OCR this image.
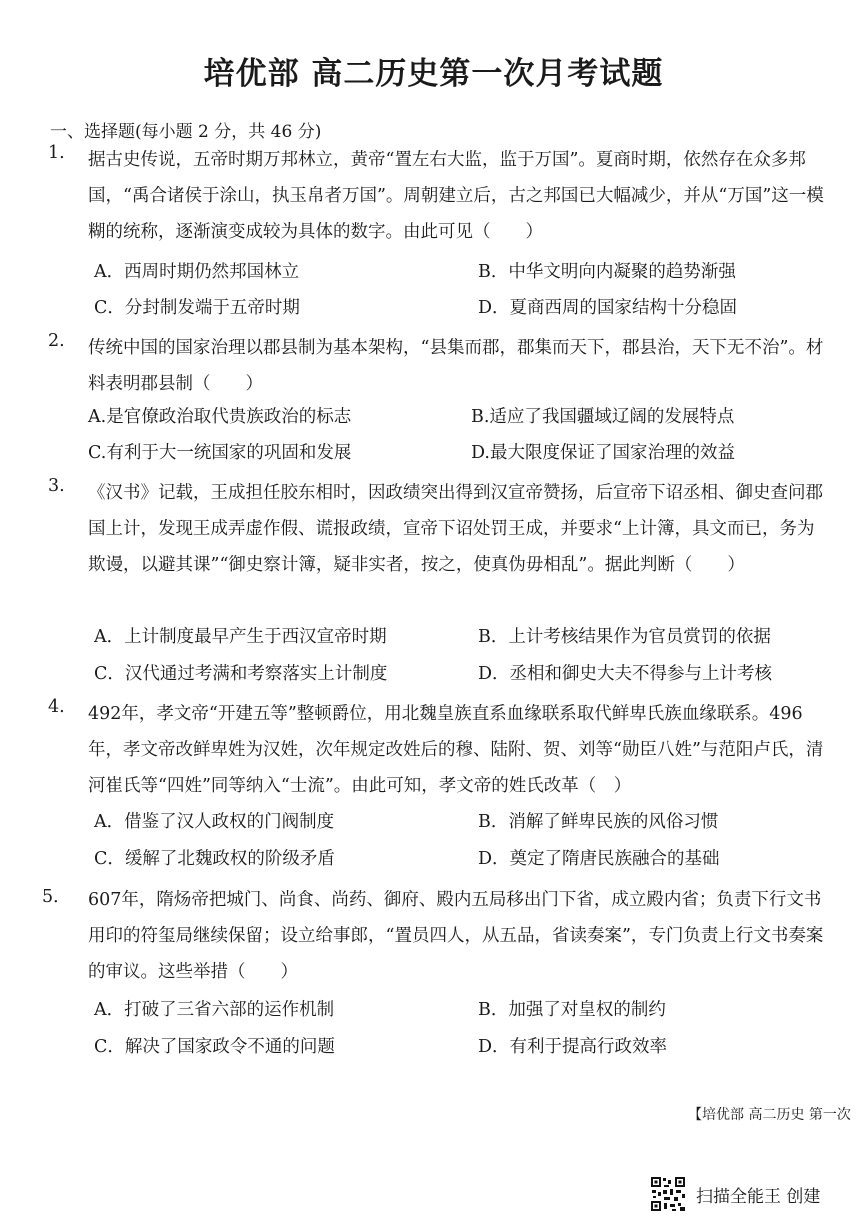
培优部 高二历史第一次月考试题
一、选择题(每小题 2 分，共 46 分)
1. 据古史传说，五帝时期万邦林立，黄帝“置左右大监，监于万国”。夏商时期，依然存在众多邦国，“禹合诸侯于涂山，执玉帛者万国”。周朝建立后，古之邦国已大幅减少，并从“万国”这一模糊的统称，逐渐演变成较为具体的数字。由此可见（　　）
A．西周时期仍然邦国林立	B．中华文明向内凝聚的趋势渐强
C．分封制发端于五帝时期	D．夏商西周的国家结构十分稳固
2. 传统中国的国家治理以郡县制为基本架构，“县集而郡，郡集而天下，郡县治，天下无不治”。材料表明郡县制（　　）
A.是官僚政治取代贵族政治的标志	B.适应了我国疆域辽阔的发展特点
C.有利于大一统国家的巩固和发展	D.最大限度保证了国家治理的效益
3. 《汉书》记载，王成担任胶东相时，因政绩突出得到汉宣帝赞扬，后宣帝下诏丞相、御史查问郡国上计，发现王成弄虚作假、谎报政绩，宣帝下诏处罚王成，并要求“上计簿，具文而已，务为欺谩，以避其课”“御史察计簿，疑非实者，按之，使真伪毋相乱”。据此判断（　　）
A．上计制度最早产生于西汉宣帝时期	B．上计考核结果作为官员赏罚的依据
C．汉代通过考满和考察落实上计制度	D．丞相和御史大夫不得参与上计考核
4. 492年，孝文帝“开建五等”整顿爵位，用北魏皇族直系血缘联系取代鲜卑氏族血缘联系。496年，孝文帝改鲜卑姓为汉姓，次年规定改姓后的穆、陆附、贺、刘等“勋臣八姓”与范阳卢氏，清河崔氏等“四姓”同等纳入“士流”。由此可知，孝文帝的姓氏改革（　）
A．借鉴了汉人政权的门阀制度	B．消解了鲜卑民族的风俗习惯
C．缓解了北魏政权的阶级矛盾	D．奠定了隋唐民族融合的基础
5． 607年，隋炀帝把城门、尚食、尚药、御府、殿内五局移出门下省，成立殿内省；负责下行文书用印的符玺局继续保留；设立给事郎，“置员四人，从五品，省读奏案”，专门负责上行文书奏案的审议。这些举措（　　）
A．打破了三省六部的运作机制	B．加强了对皇权的制约
C．解决了国家政令不通的问题	D．有利于提高行政效率
【培优部 高二历史 第一次
扫描全能王 创建
